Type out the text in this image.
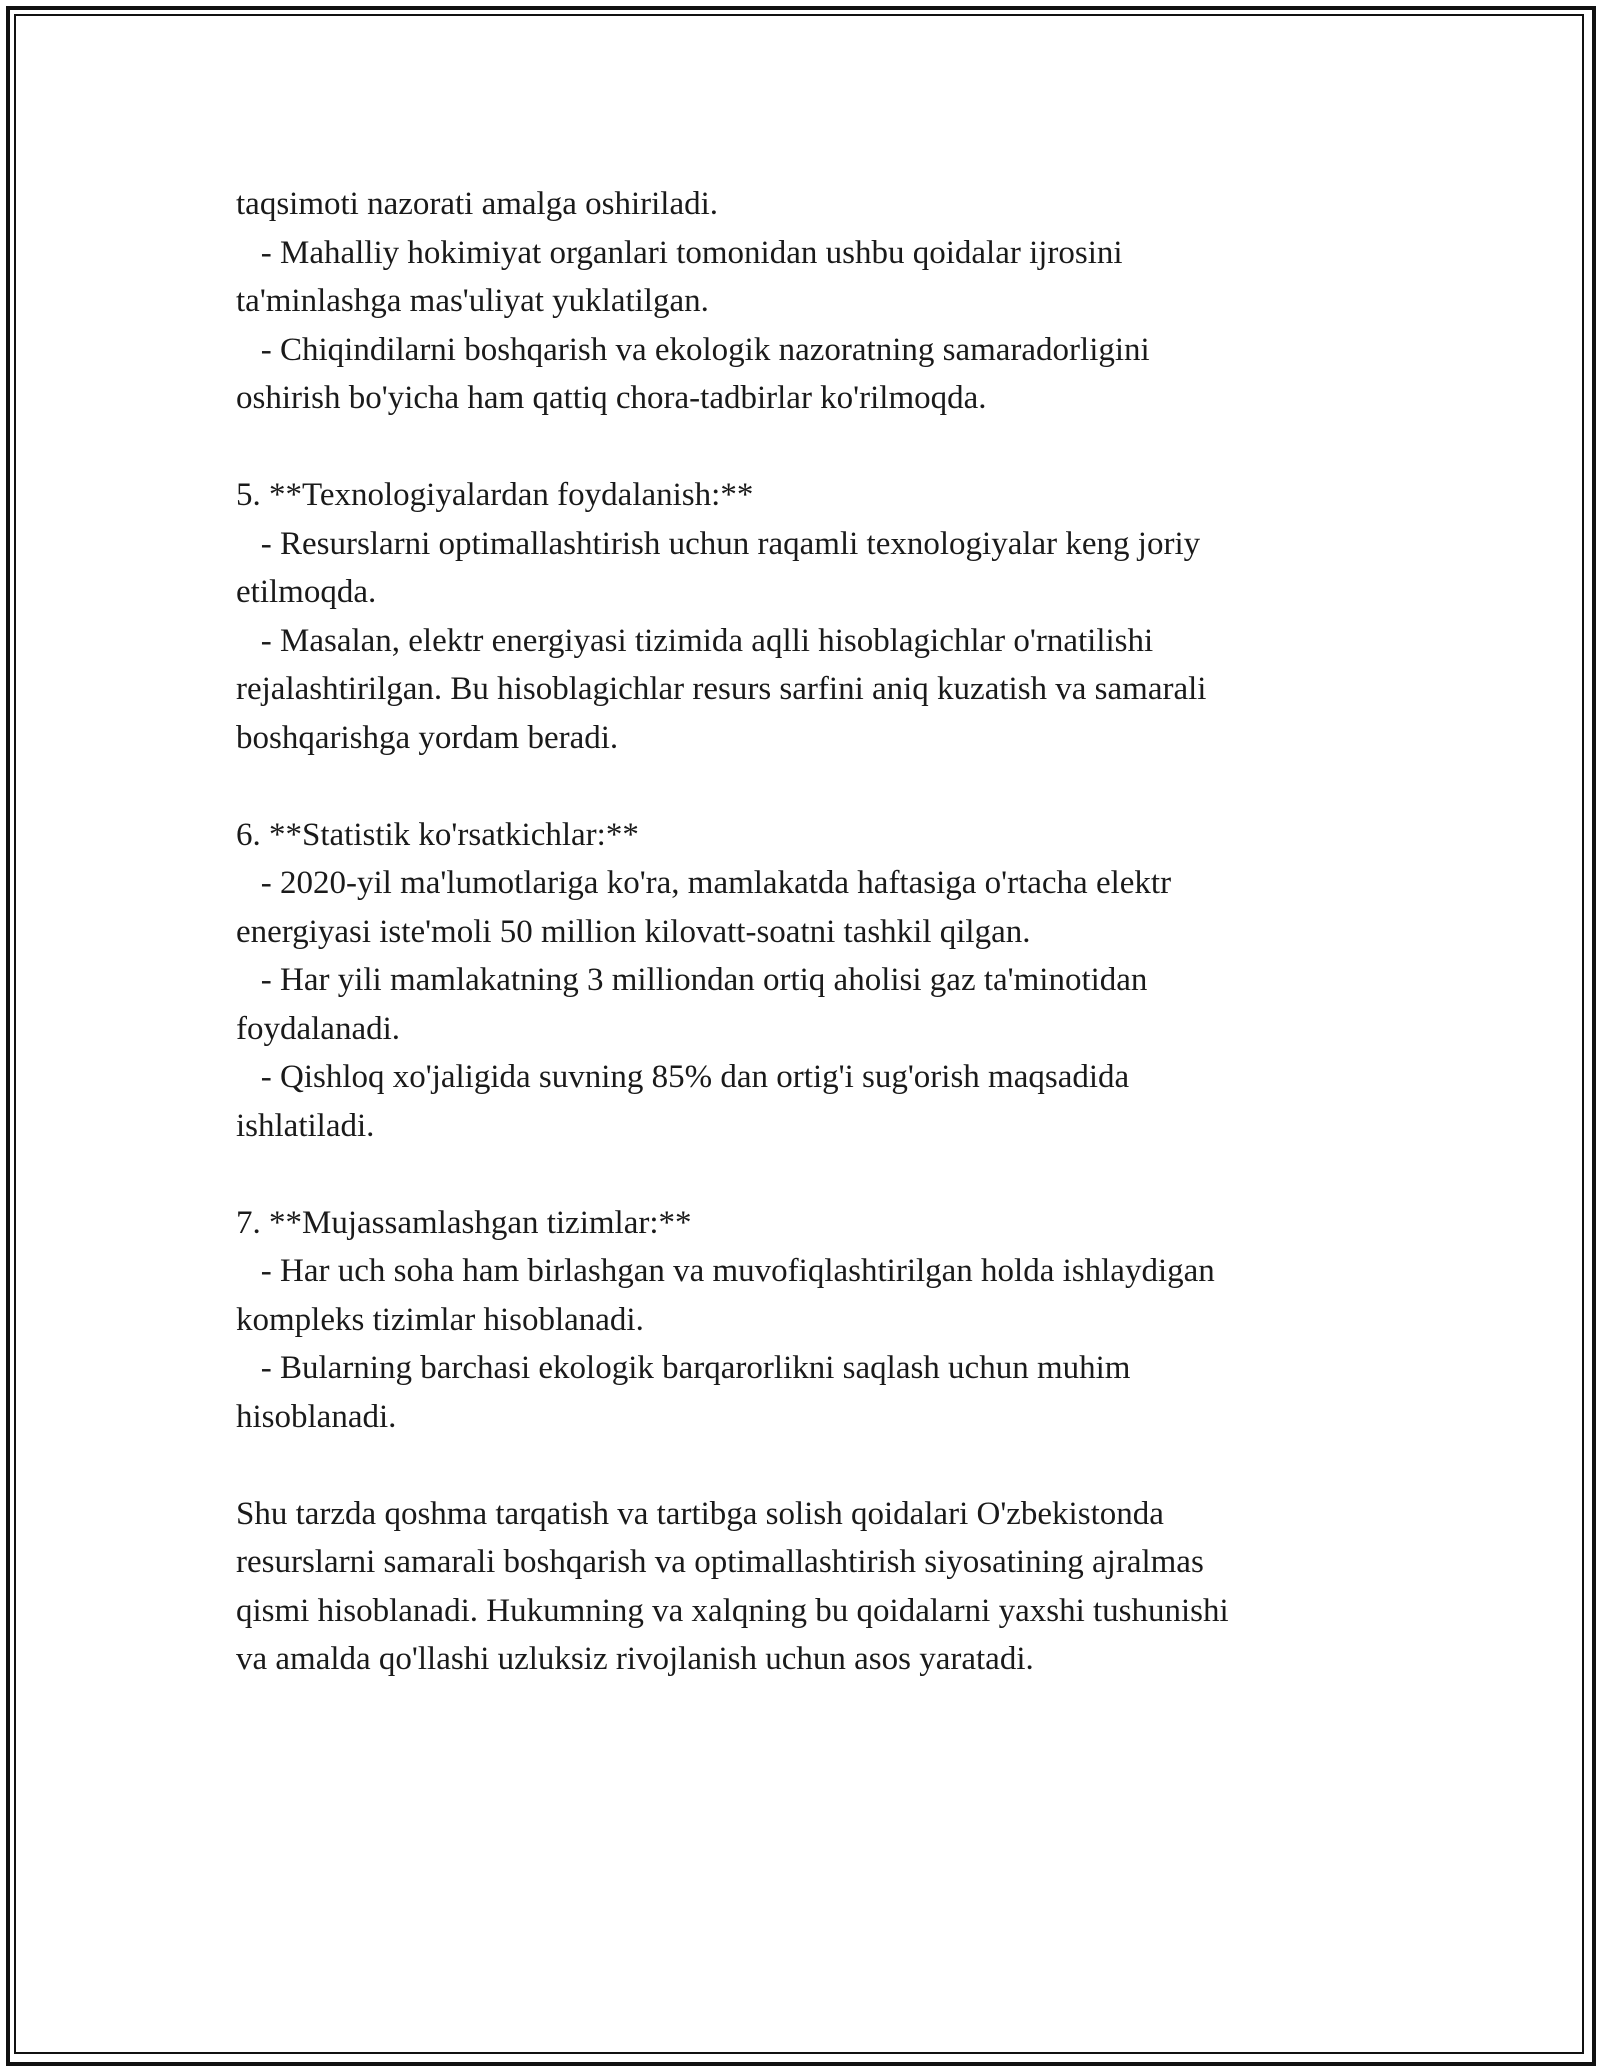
taqsimoti nazorati amalga oshiriladi.
- Mahalliy hokimiyat organlari tomonidan ushbu qoidalar ijrosini
ta'minlashga mas'uliyat yuklatilgan.
- Chiqindilarni boshqarish va ekologik nazoratning samaradorligini
oshirish bo'yicha ham qattiq chora-tadbirlar ko'rilmoqda.
5. **Texnologiyalardan foydalanish:**
- Resurslarni optimallashtirish uchun raqamli texnologiyalar keng joriy
etilmoqda.
- Masalan, elektr energiyasi tizimida aqlli hisoblagichlar o'rnatilishi
rejalashtirilgan. Bu hisoblagichlar resurs sarfini aniq kuzatish va samarali
boshqarishga yordam beradi.
6. **Statistik ko'rsatkichlar:**
- 2020-yil ma'lumotlariga ko'ra, mamlakatda haftasiga o'rtacha elektr
energiyasi iste'moli 50 million kilovatt-soatni tashkil qilgan.
- Har yili mamlakatning 3 milliondan ortiq aholisi gaz ta'minotidan
foydalanadi.
- Qishloq xo'jaligida suvning 85% dan ortig'i sug'orish maqsadida
ishlatiladi.
7. **Mujassamlashgan tizimlar:**
- Har uch soha ham birlashgan va muvofiqlashtirilgan holda ishlaydigan
kompleks tizimlar hisoblanadi.
- Bularning barchasi ekologik barqarorlikni saqlash uchun muhim
hisoblanadi.
Shu tarzda qoshma tarqatish va tartibga solish qoidalari O'zbekistonda
resurslarni samarali boshqarish va optimallashtirish siyosatining ajralmas
qismi hisoblanadi. Hukumning va xalqning bu qoidalarni yaxshi tushunishi
va amalda qo'llashi uzluksiz rivojlanish uchun asos yaratadi.
